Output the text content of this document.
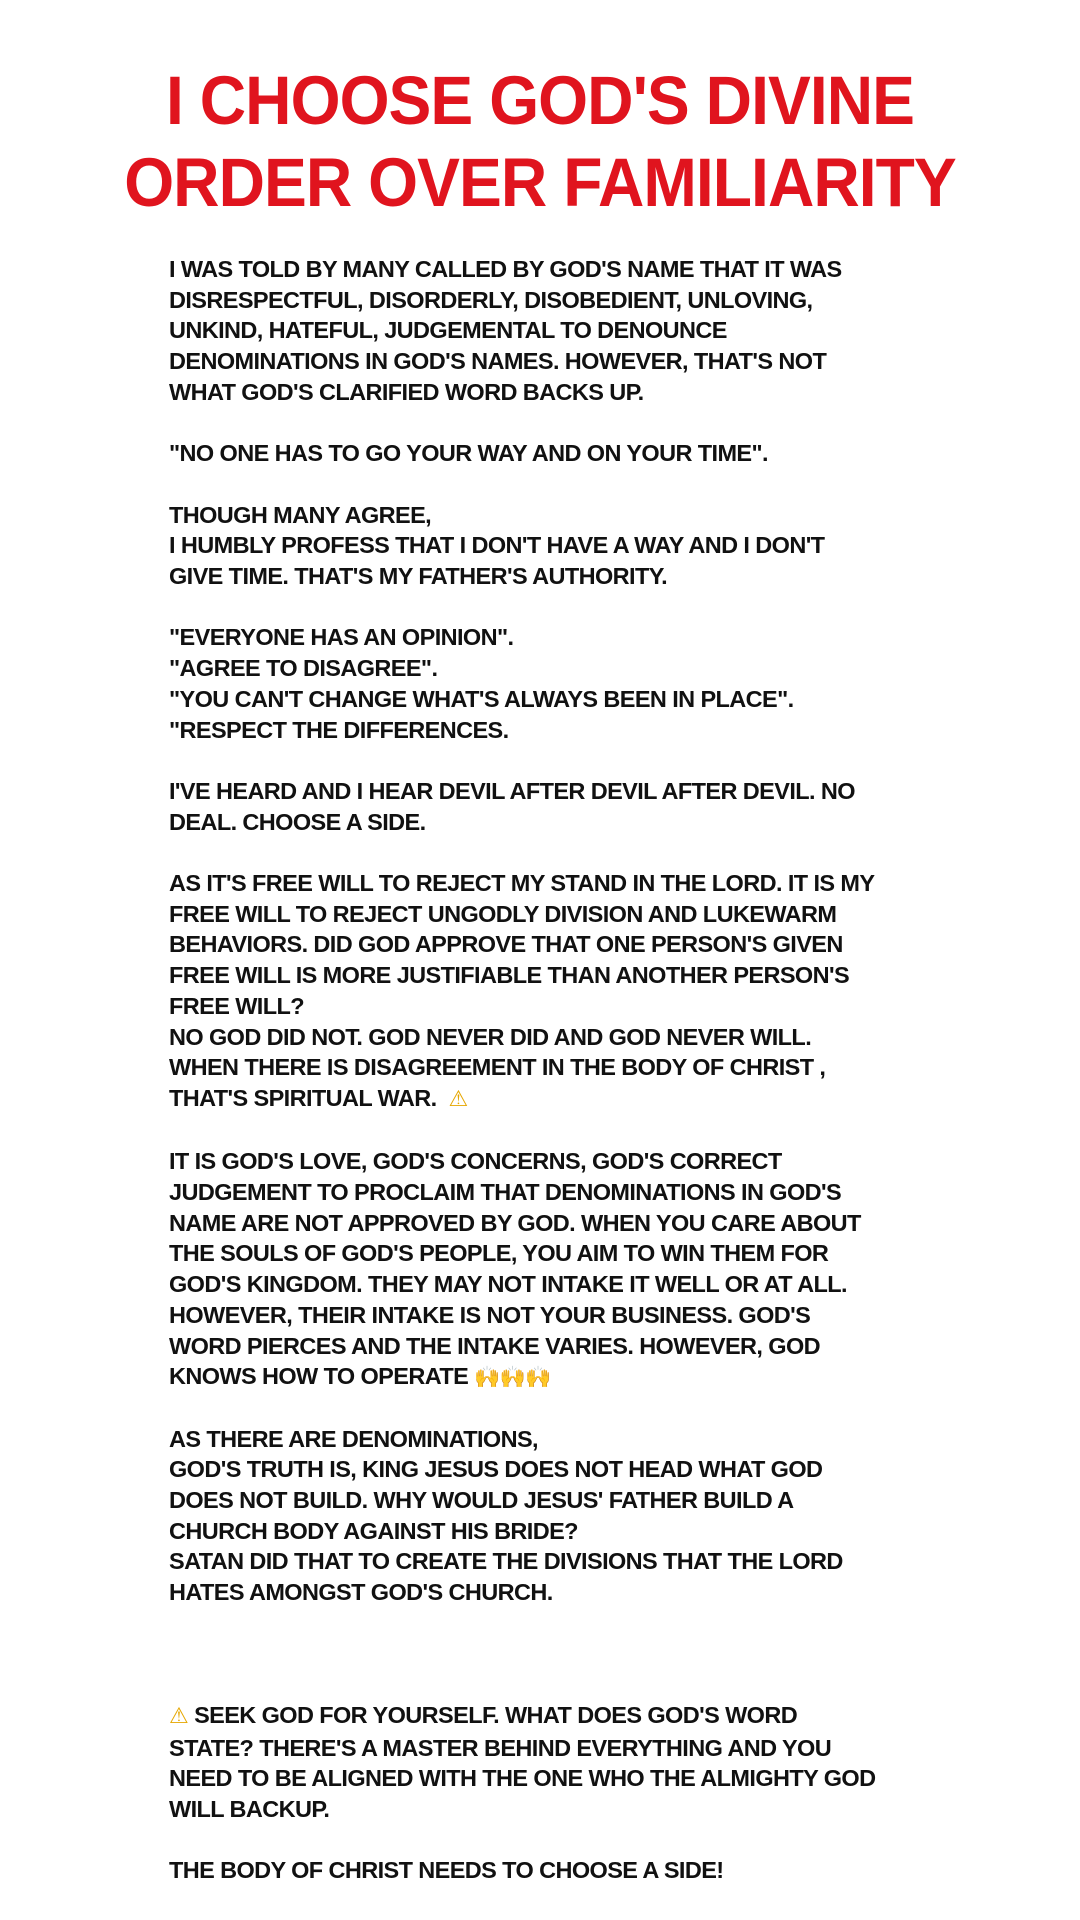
I CHOOSE GOD'S DIVINE
ORDER OVER FAMILIARITY
I WAS TOLD BY MANY CALLED BY GOD'S NAME THAT IT WAS
DISRESPECTFUL, DISORDERLY, DISOBEDIENT, UNLOVING,
UNKIND, HATEFUL, JUDGEMENTAL TO DENOUNCE
DENOMINATIONS IN GOD'S NAMES. HOWEVER, THAT'S NOT
WHAT GOD'S CLARIFIED WORD BACKS UP.
"NO ONE HAS TO GO YOUR WAY AND ON YOUR TIME".
THOUGH MANY AGREE,
I HUMBLY PROFESS THAT I DON'T HAVE A WAY AND I DON'T
GIVE TIME. THAT'S MY FATHER'S AUTHORITY.
"EVERYONE HAS AN OPINION".
"AGREE TO DISAGREE".
"YOU CAN'T CHANGE WHAT'S ALWAYS BEEN IN PLACE".
"RESPECT THE DIFFERENCES.
I'VE HEARD AND I HEAR DEVIL AFTER DEVIL AFTER DEVIL. NO
DEAL. CHOOSE A SIDE.
AS IT'S FREE WILL TO REJECT MY STAND IN THE LORD. IT IS MY
FREE WILL TO REJECT UNGODLY DIVISION AND LUKEWARM
BEHAVIORS. DID GOD APPROVE THAT ONE PERSON'S GIVEN
FREE WILL IS MORE JUSTIFIABLE THAN ANOTHER PERSON'S
FREE WILL?
NO GOD DID NOT. GOD NEVER DID AND GOD NEVER WILL.
WHEN THERE IS DISAGREEMENT IN THE BODY OF CHRIST ,
THAT'S SPIRITUAL WAR. ⚠
IT IS GOD'S LOVE, GOD'S CONCERNS, GOD'S CORRECT
JUDGEMENT TO PROCLAIM THAT DENOMINATIONS IN GOD'S
NAME ARE NOT APPROVED BY GOD. WHEN YOU CARE ABOUT
THE SOULS OF GOD'S PEOPLE, YOU AIM TO WIN THEM FOR
GOD'S KINGDOM. THEY MAY NOT INTAKE IT WELL OR AT ALL.
HOWEVER, THEIR INTAKE IS NOT YOUR BUSINESS. GOD'S
WORD PIERCES AND THE INTAKE VARIES. HOWEVER, GOD
KNOWS HOW TO OPERATE 🙌🙌🙌
AS THERE ARE DENOMINATIONS,
GOD'S TRUTH IS, KING JESUS DOES NOT HEAD WHAT GOD
DOES NOT BUILD. WHY WOULD JESUS' FATHER BUILD A
CHURCH BODY AGAINST HIS BRIDE?
SATAN DID THAT TO CREATE THE DIVISIONS THAT THE LORD
HATES AMONGST GOD'S CHURCH.
⚠ SEEK GOD FOR YOURSELF. WHAT DOES GOD'S WORD
STATE? THERE'S A MASTER BEHIND EVERYTHING AND YOU
NEED TO BE ALIGNED WITH THE ONE WHO THE ALMIGHTY GOD
WILL BACKUP.
THE BODY OF CHRIST NEEDS TO CHOOSE A SIDE!
